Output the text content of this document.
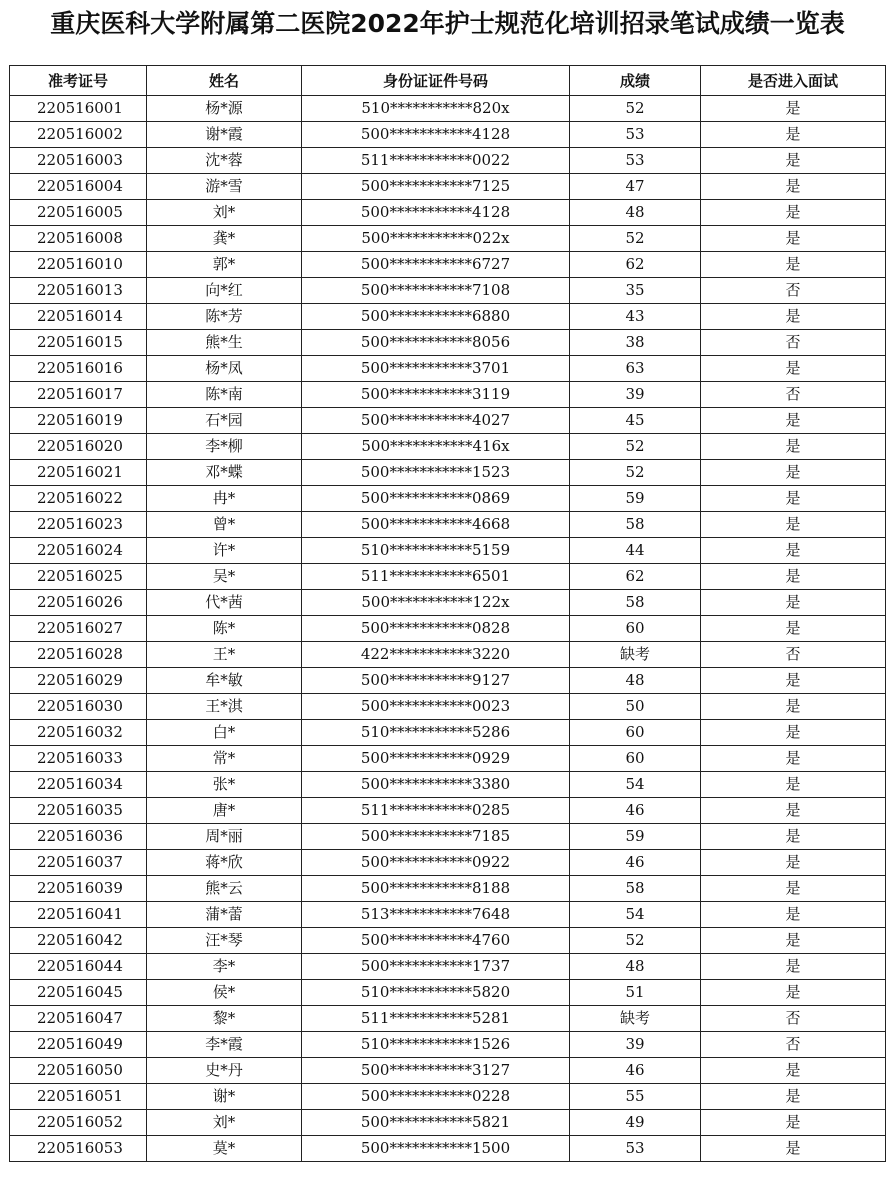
重庆医科大学附属第二医院2022年护士规范化培训招录笔试成绩一览表
准考证号	姓名	身份证证件号码	成绩	是否进入面试
220516001	杨*源	510***********820x	52	是
220516002	谢*霞	500***********4128	53	是
220516003	沈*蓉	511***********0022	53	是
220516004	游*雪	500***********7125	47	是
220516005	刘*	500***********4128	48	是
220516008	龚*	500***********022x	52	是
220516010	郭*	500***********6727	62	是
220516013	向*红	500***********7108	35	否
220516014	陈*芳	500***********6880	43	是
220516015	熊*生	500***********8056	38	否
220516016	杨*凤	500***********3701	63	是
220516017	陈*南	500***********3119	39	否
220516019	石*园	500***********4027	45	是
220516020	李*柳	500***********416x	52	是
220516021	邓*蝶	500***********1523	52	是
220516022	冉*	500***********0869	59	是
220516023	曾*	500***********4668	58	是
220516024	许*	510***********5159	44	是
220516025	吴*	511***********6501	62	是
220516026	代*茜	500***********122x	58	是
220516027	陈*	500***********0828	60	是
220516028	王*	422***********3220	缺考	否
220516029	牟*敏	500***********9127	48	是
220516030	王*淇	500***********0023	50	是
220516032	白*	510***********5286	60	是
220516033	常*	500***********0929	60	是
220516034	张*	500***********3380	54	是
220516035	唐*	511***********0285	46	是
220516036	周*丽	500***********7185	59	是
220516037	蒋*欣	500***********0922	46	是
220516039	熊*云	500***********8188	58	是
220516041	蒲*蕾	513***********7648	54	是
220516042	汪*琴	500***********4760	52	是
220516044	李*	500***********1737	48	是
220516045	侯*	510***********5820	51	是
220516047	黎*	511***********5281	缺考	否
220516049	李*霞	510***********1526	39	否
220516050	史*丹	500***********3127	46	是
220516051	谢*	500***********0228	55	是
220516052	刘*	500***********5821	49	是
220516053	莫*	500***********1500	53	是
